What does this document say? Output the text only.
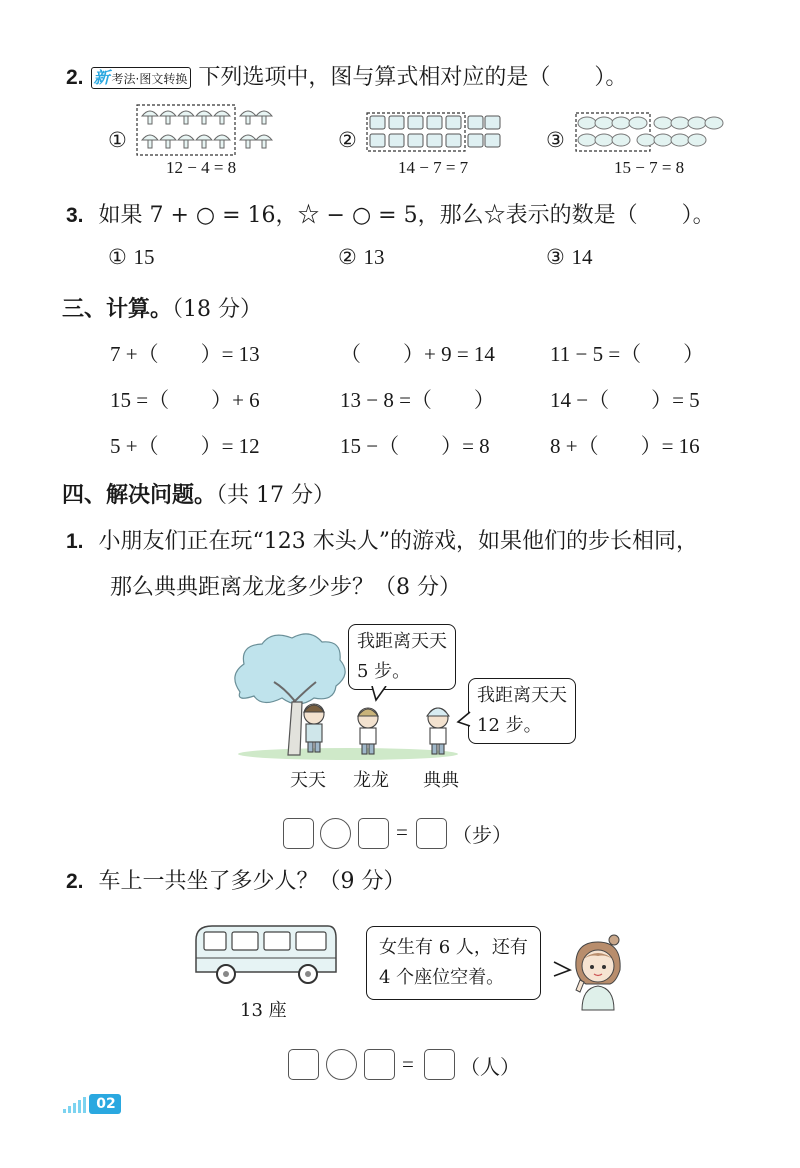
2. 新 考法·图文转换 下列选项中，图与算式相对应的是（　　）。
①
12 − 4 = 8
②
14 − 7 = 7
③
15 − 7 = 8
3. 如果 7 + ○ = 16，☆ − ○ = 5，那么☆表示的数是（　　）。
① 15	② 13	③ 14
三、计算。（18 分）
7 +（　　）= 13	（　　）+ 9 = 14	11 − 5 =（　　）
15 =（　　）+ 6	13 − 8 =（　　）	14 −（　　）= 5
5 +（　　）= 12	15 −（　　）= 8	8 +（　　）= 16
四、解决问题。（共 17 分）
1. 小朋友们正在玩“123 木头人”的游戏，如果他们的步长相同，
那么典典距离龙龙多少步？（8 分）
我距离天天
5 步。
我距离天天
12 步。
天天 龙龙 典典
= （步）
2. 车上一共坐了多少人？（9 分）
13 座
女生有 6 人，还有
4 个座位空着。
= （人）
02
